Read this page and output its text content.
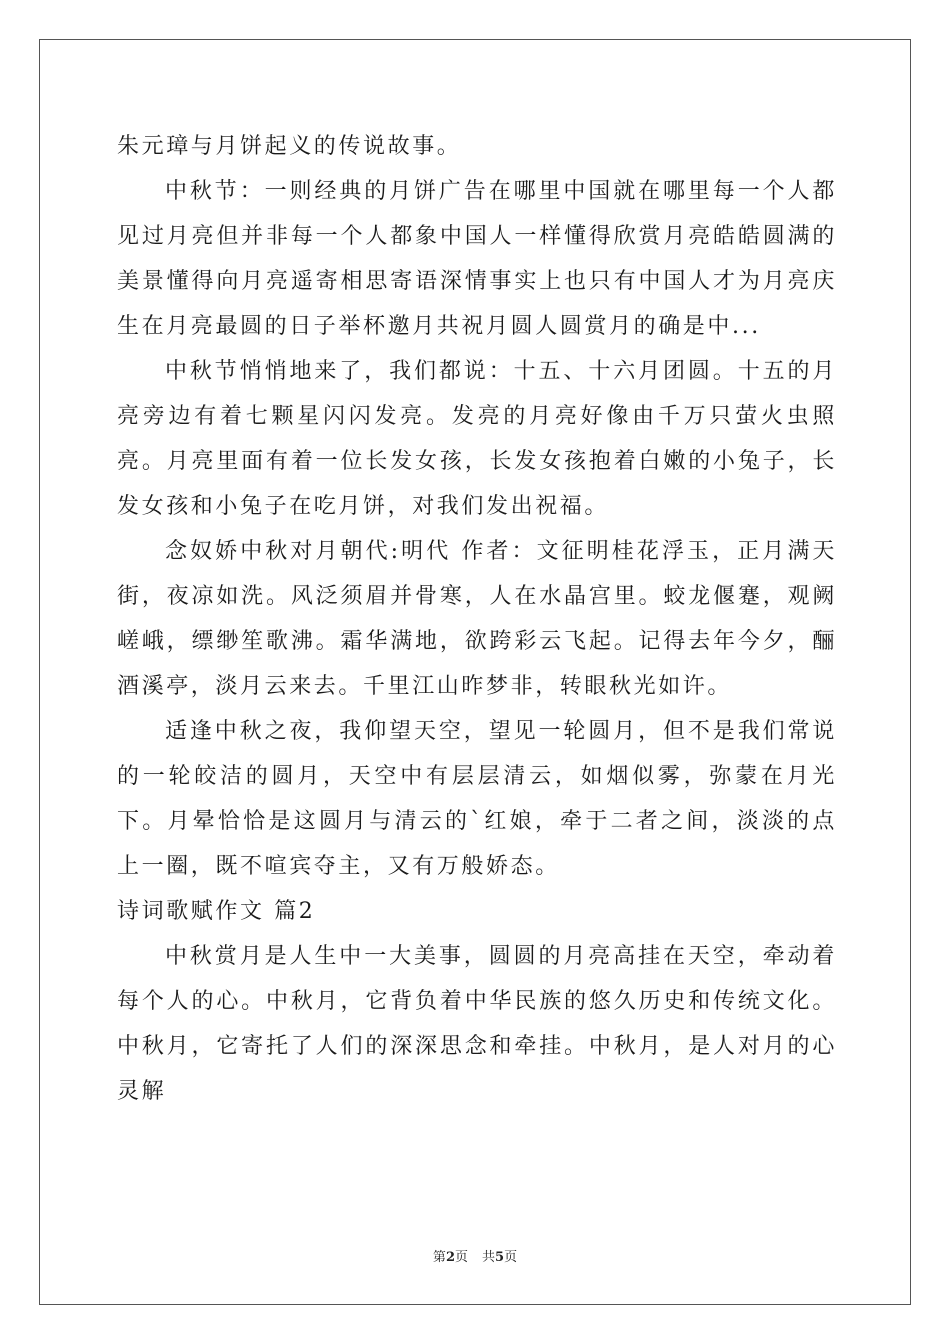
朱元璋与月饼起义的传说故事。

中秋节：一则经典的月饼广告在哪里中国就在哪里每一个人都见过月亮但并非每一个人都象中国人一样懂得欣赏月亮皓皓圆满的美景懂得向月亮遥寄相思寄语深情事实上也只有中国人才为月亮庆生在月亮最圆的日子举杯邀月共祝月圆人圆赏月的确是中...

中秋节悄悄地来了，我们都说：十五、十六月团圆。十五的月亮旁边有着七颗星闪闪发亮。发亮的月亮好像由千万只萤火虫照亮。月亮里面有着一位长发女孩，长发女孩抱着白嫩的小兔子，长发女孩和小兔子在吃月饼，对我们发出祝福。

念奴娇中秋对月朝代:明代 作者：文征明桂花浮玉，正月满天街，夜凉如洗。风泛须眉并骨寒，人在水晶宫里。蛟龙偃蹇，观阙嵯峨，缥缈笙歌沸。霜华满地，欲跨彩云飞起。记得去年今夕，酾酒溪亭，淡月云来去。千里江山昨梦非，转眼秋光如许。

适逢中秋之夜，我仰望天空，望见一轮圆月，但不是我们常说的一轮皎洁的圆月，天空中有层层清云，如烟似雾，弥蒙在月光下。月晕恰恰是这圆月与清云的`红娘，牵于二者之间，淡淡的点上一圈，既不喧宾夺主，又有万般娇态。

诗词歌赋作文 篇2

中秋赏月是人生中一大美事，圆圆的月亮高挂在天空，牵动着每个人的心。中秋月，它背负着中华民族的悠久历史和传统文化。中秋月，它寄托了人们的深深思念和牵挂。中秋月，是人对月的心灵解

第2页 共5页
